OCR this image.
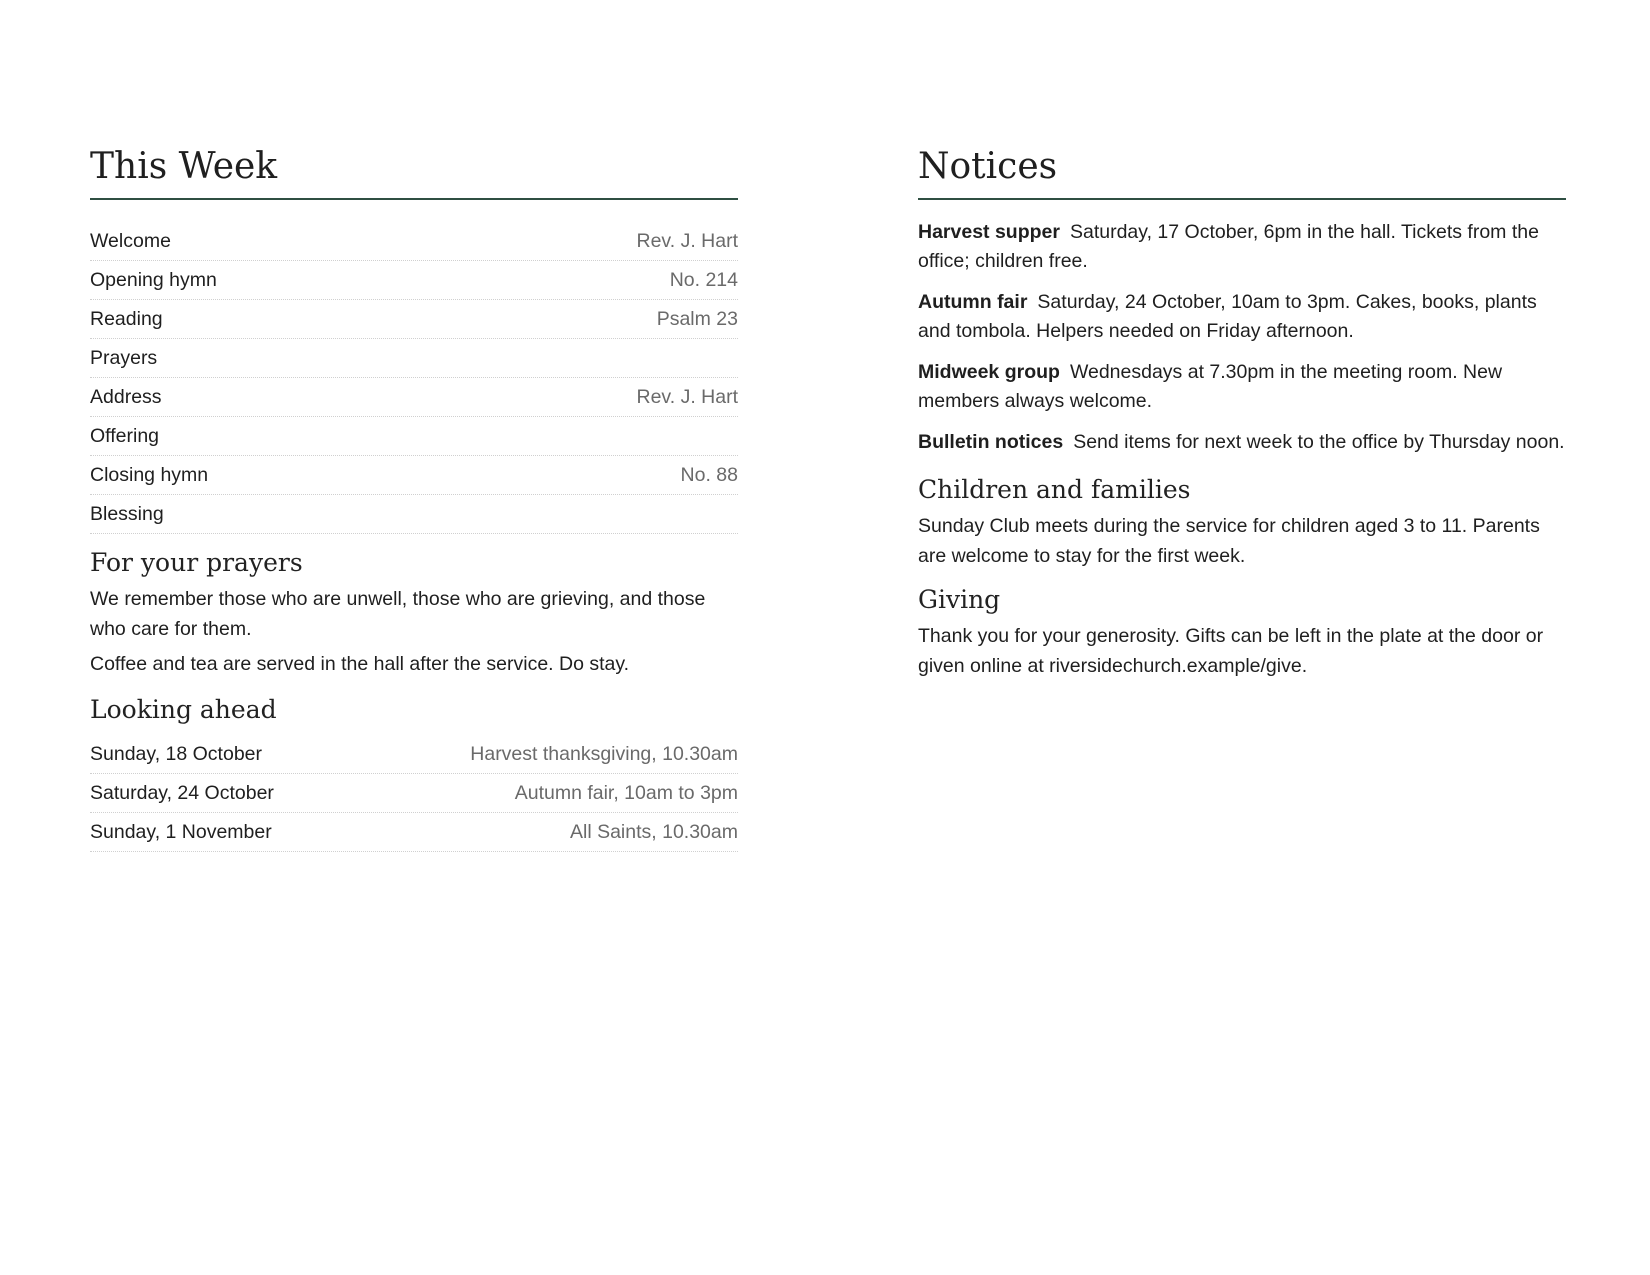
This Week
Welcome	Rev. J. Hart
Opening hymn	No. 214
Reading	Psalm 23
Prayers
Address	Rev. J. Hart
Offering
Closing hymn	No. 88
Blessing
For your prayers

We remember those who are unwell, those who are grieving, and those who care for them.

Coffee and tea are served in the hall after the service. Do stay.

Looking ahead
Sunday, 18 October	Harvest thanksgiving, 10.30am
Saturday, 24 October	Autumn fair, 10am to 3pm
Sunday, 1 November	All Saints, 10.30am
Notices

Harvest supper Saturday, 17 October, 6pm in the hall. Tickets from the office; children free.

Autumn fair Saturday, 24 October, 10am to 3pm. Cakes, books, plants and tombola. Helpers needed on Friday afternoon.

Midweek group Wednesdays at 7.30pm in the meeting room. New members always welcome.

Bulletin notices Send items for next week to the office by Thursday noon.

Children and families

Sunday Club meets during the service for children aged 3 to 11. Parents are welcome to stay for the first week.

Giving

Thank you for your generosity. Gifts can be left in the plate at the door or given online at riversidechurch.example/give.
